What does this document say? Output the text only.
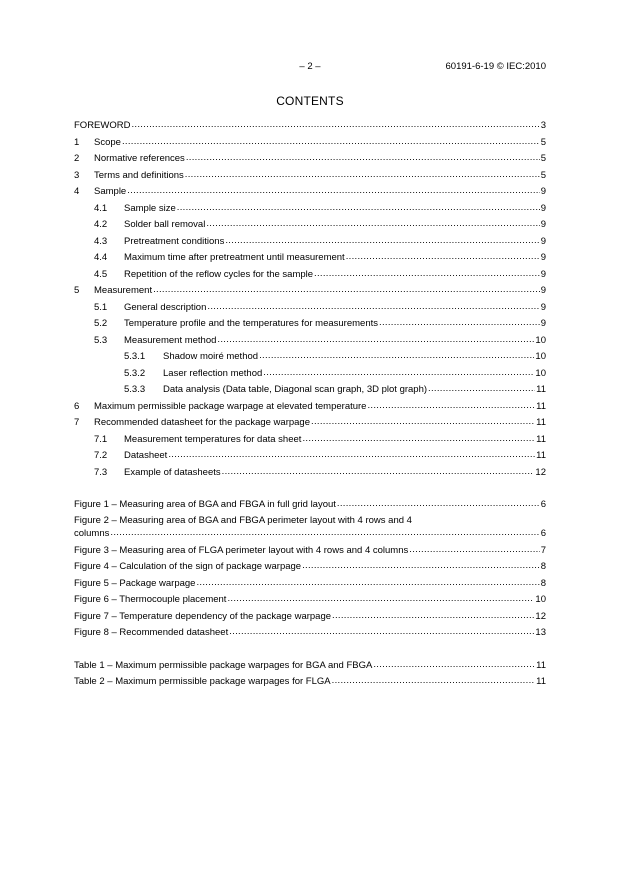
– 2 –	60191-6-19 © IEC:2010
CONTENTS
FOREWORD .....	3
1	Scope .....	5
2	Normative references .....	5
3	Terms and definitions .....	5
4	Sample .....	9
4.1	Sample size .....	9
4.2	Solder ball removal .....	9
4.3	Pretreatment conditions .....	9
4.4	Maximum time after pretreatment until measurement .....	9
4.5	Repetition of the reflow cycles for the sample .....	9
5	Measurement .....	9
5.1	General description .....	9
5.2	Temperature profile and the temperatures for measurements .....	9
5.3	Measurement method .....	10
5.3.1	Shadow moiré method .....	10
5.3.2	Laser reflection method .....	10
5.3.3	Data analysis (Data table, Diagonal scan graph, 3D plot graph) .....	11
6	Maximum permissible package warpage at elevated temperature .....	11
7	Recommended datasheet for the package warpage .....	11
7.1	Measurement temperatures for data sheet .....	11
7.2	Datasheet .....	11
7.3	Example of datasheets .....	12
Figure 1 – Measuring area of BGA and FBGA in full grid layout .....	6
Figure 2 – Measuring area of BGA and FBGA perimeter layout with 4 rows and 4
columns .....	6
Figure 3 – Measuring area of FLGA perimeter layout with 4 rows and 4 columns .....	7
Figure 4 – Calculation of the sign of package warpage .....	8
Figure 5 – Package warpage .....	8
Figure 6 – Thermocouple placement .....	10
Figure 7 – Temperature dependency of the package warpage .....	12
Figure 8 – Recommended datasheet .....	13
Table 1 – Maximum permissible package warpages for BGA and FBGA .....	11
Table 2 – Maximum permissible package warpages for FLGA .....	11
